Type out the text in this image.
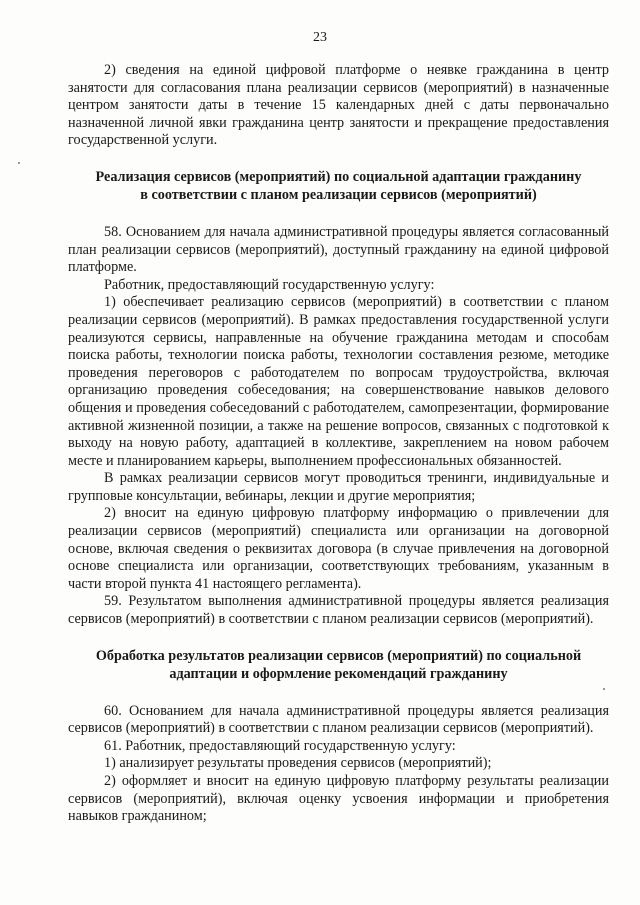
23

2) сведения на единой цифровой платформе о неявке гражданина в центр занятости для согласования плана реализации сервисов (мероприятий) в назначенные центром занятости даты в течение 15 календарных дней с даты первоначально назначенной личной явки гражданина центр занятости и прекращение предоставления государственной услуги.

Реализация сервисов (мероприятий) по социальной адаптации гражданину
в соответствии с планом реализации сервисов (мероприятий)

58. Основанием для начала административной процедуры является согласованный план реализации сервисов (мероприятий), доступный гражданину на единой цифровой платформе.

Работник, предоставляющий государственную услугу:

1) обеспечивает реализацию сервисов (мероприятий) в соответствии с планом реализации сервисов (мероприятий). В рамках предоставления государственной услуги реализуются сервисы, направленные на обучение гражданина методам и способам поиска работы, технологии поиска работы, технологии составления резюме, методике проведения переговоров с работодателем по вопросам трудоустройства, включая организацию проведения собеседования; на совершенствование навыков делового общения и проведения собеседований с работодателем, самопрезентации, формирование активной жизненной позиции, а также на решение вопросов, связанных с подготовкой к выходу на новую работу, адаптацией в коллективе, закреплением на новом рабочем месте и планированием карьеры, выполнением профессиональных обязанностей.

В рамках реализации сервисов могут проводиться тренинги, индивидуальные и групповые консультации, вебинары, лекции и другие мероприятия;

2) вносит на единую цифровую платформу информацию о привлечении для реализации сервисов (мероприятий) специалиста или организации на договорной основе, включая сведения о реквизитах договора (в случае привлечения на договорной основе специалиста или организации, соответствующих требованиям, указанным в части второй пункта 41 настоящего регламента).

59. Результатом выполнения административной процедуры является реализация сервисов (мероприятий) в соответствии с планом реализации сервисов (мероприятий).

Обработка результатов реализации сервисов (мероприятий) по социальной
адаптации и оформление рекомендаций гражданину

60. Основанием для начала административной процедуры является реализация сервисов (мероприятий) в соответствии с планом реализации сервисов (мероприятий).

61. Работник, предоставляющий государственную услугу:

1) анализирует результаты проведения сервисов (мероприятий);

2) оформляет и вносит на единую цифровую платформу результаты реализации сервисов (мероприятий), включая оценку усвоения информации и приобретения навыков гражданином;
